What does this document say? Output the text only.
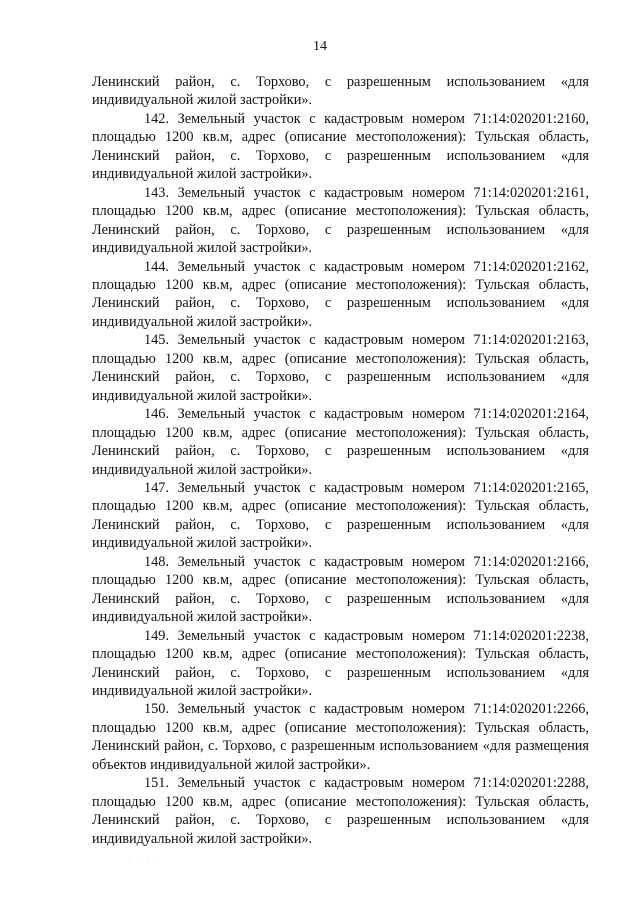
14

Ленинский район, с. Торхово, с разрешенным использованием «для индивидуальной жилой застройки».

142. Земельный участок с кадастровым номером 71:14:020201:2160, площадью 1200 кв.м, адрес (описание местоположения): Тульская область, Ленинский район, с. Торхово, с разрешенным использованием «для индивидуальной жилой застройки».

143. Земельный участок с кадастровым номером 71:14:020201:2161, площадью 1200 кв.м, адрес (описание местоположения): Тульская область, Ленинский район, с. Торхово, с разрешенным использованием «для индивидуальной жилой застройки».

144. Земельный участок с кадастровым номером 71:14:020201:2162, площадью 1200 кв.м, адрес (описание местоположения): Тульская область, Ленинский район, с. Торхово, с разрешенным использованием «для индивидуальной жилой застройки».

145. Земельный участок с кадастровым номером 71:14:020201:2163, площадью 1200 кв.м, адрес (описание местоположения): Тульская область, Ленинский район, с. Торхово, с разрешенным использованием «для индивидуальной жилой застройки».

146. Земельный участок с кадастровым номером 71:14:020201:2164, площадью 1200 кв.м, адрес (описание местоположения): Тульская область, Ленинский район, с. Торхово, с разрешенным использованием «для индивидуальной жилой застройки».

147. Земельный участок с кадастровым номером 71:14:020201:2165, площадью 1200 кв.м, адрес (описание местоположения): Тульская область, Ленинский район, с. Торхово, с разрешенным использованием «для индивидуальной жилой застройки».

148. Земельный участок с кадастровым номером 71:14:020201:2166, площадью 1200 кв.м, адрес (описание местоположения): Тульская область, Ленинский район, с. Торхово, с разрешенным использованием «для индивидуальной жилой застройки».

149. Земельный участок с кадастровым номером 71:14:020201:2238, площадью 1200 кв.м, адрес (описание местоположения): Тульская область, Ленинский район, с. Торхово, с разрешенным использованием «для индивидуальной жилой застройки».

150. Земельный участок с кадастровым номером 71:14:020201:2266, площадью 1200 кв.м, адрес (описание местоположения): Тульская область, Ленинский район, с. Торхово, с разрешенным использованием «для размещения объектов индивидуальной жилой застройки».

151. Земельный участок с кадастровым номером 71:14:020201:2288, площадью 1200 кв.м, адрес (описание местоположения): Тульская область, Ленинский район, с. Торхово, с разрешенным использованием «для индивидуальной жилой застройки».

· ˙ · ·
